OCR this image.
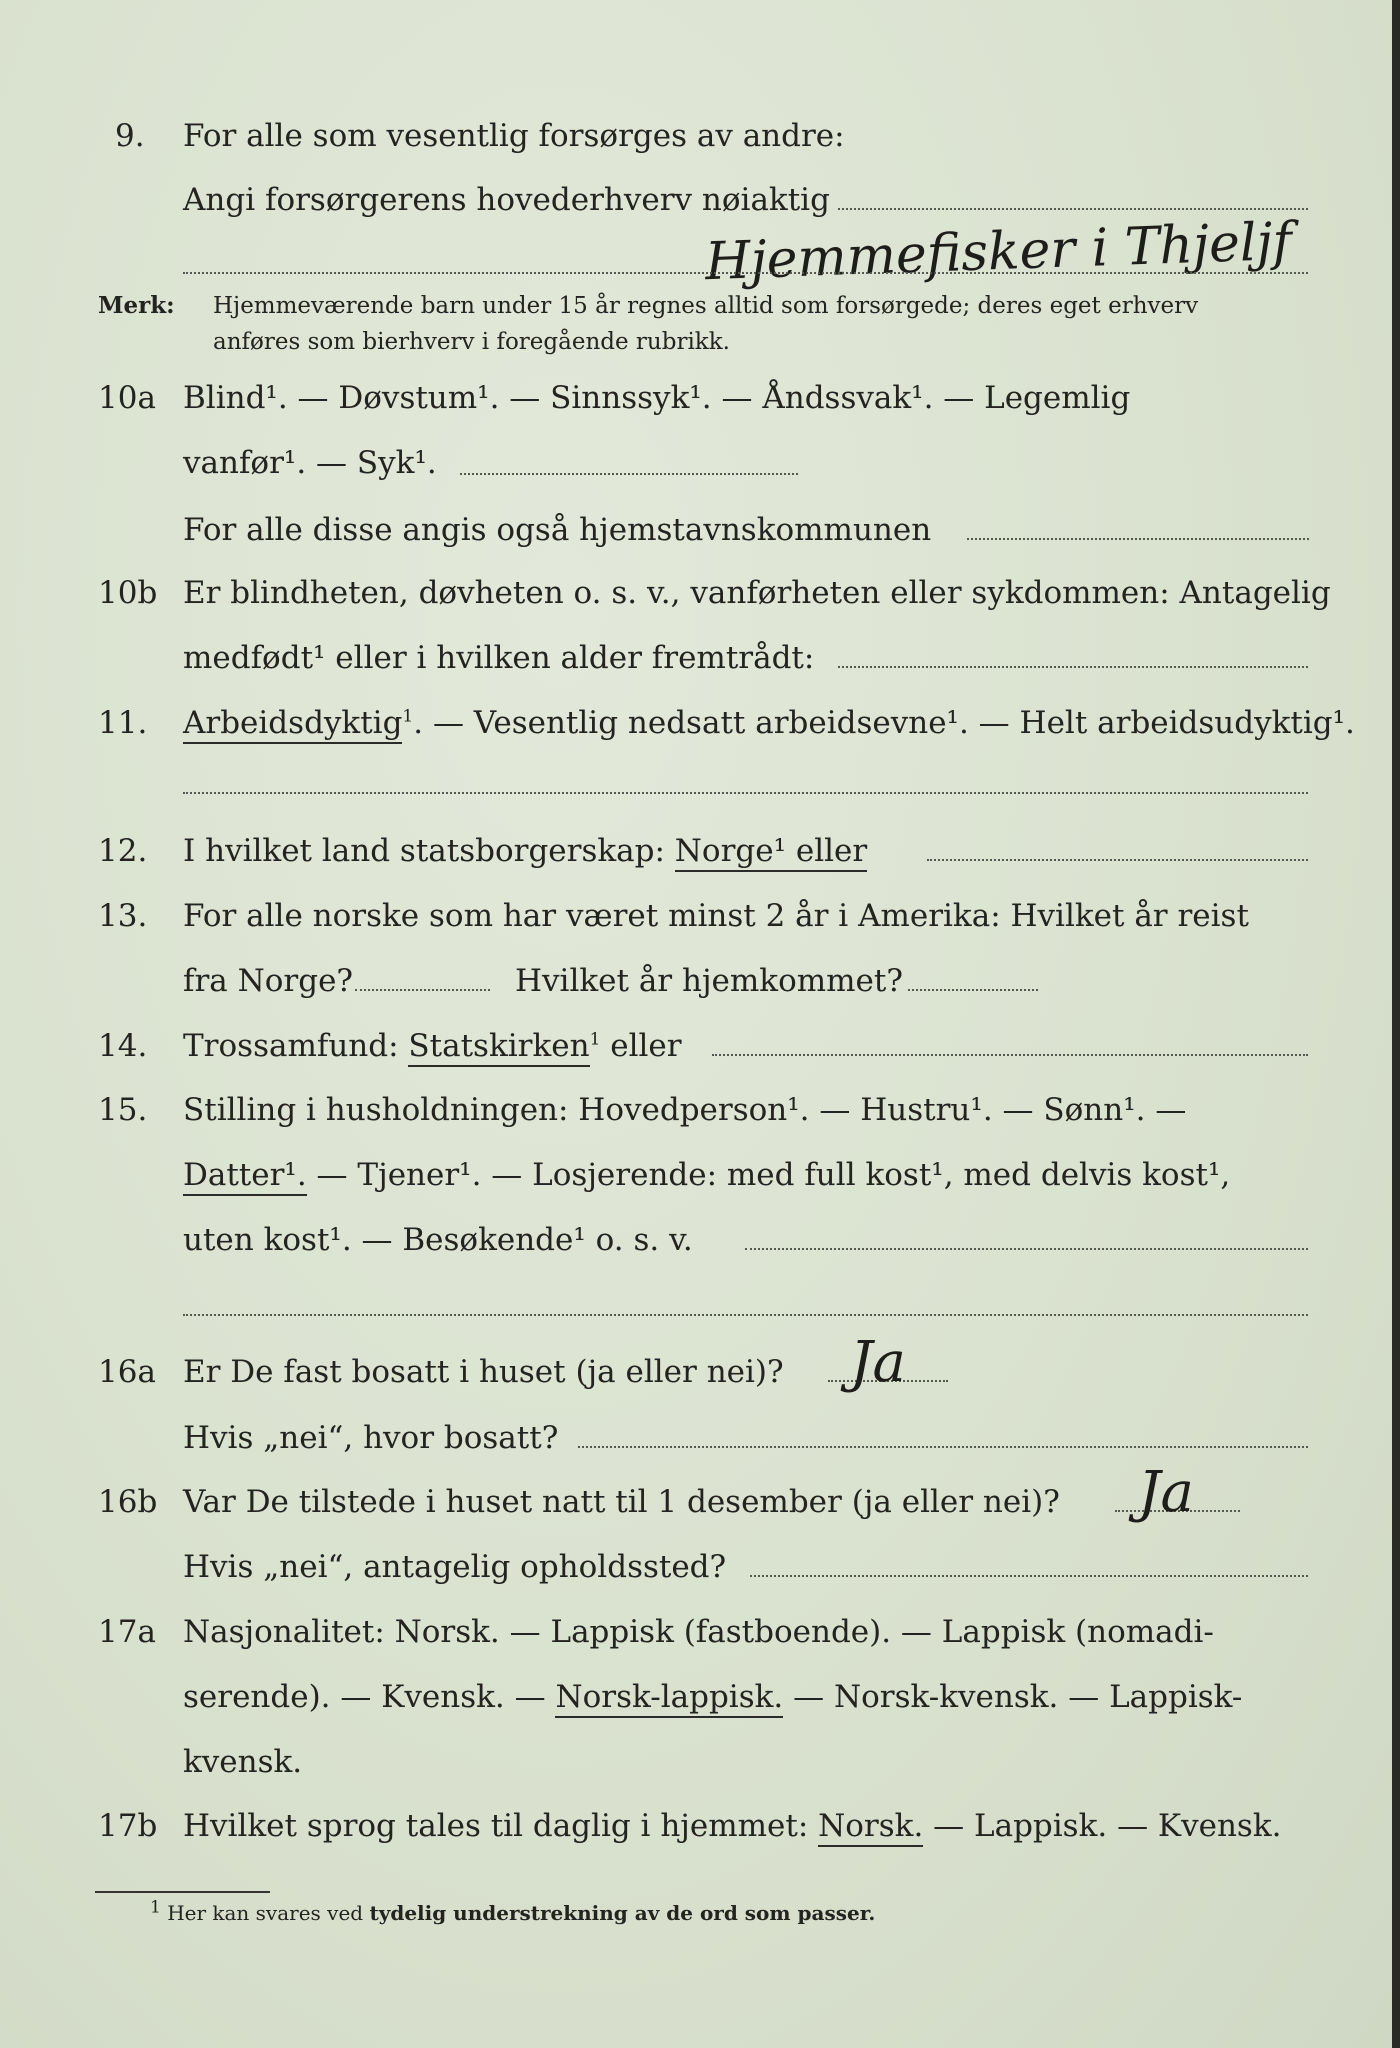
9. For alle som vesentlig forsørges av andre:
Angi forsørgerens hovederhverv nøiaktig
Hjemmefisker i Thjeljf
Merk: Hjemmeværende barn under 15 år regnes alltid som forsørgede; deres eget erhverv
anføres som bierhverv i foregående rubrikk.
10a Blind¹. — Døvstum¹. — Sinnssyk¹. — Åndssvak¹. — Legemlig
vanfør¹. — Syk¹.
For alle disse angis også hjemstavnskommunen
10b Er blindheten, døvheten o. s. v., vanførheten eller sykdommen: Antagelig
medfødt¹ eller i hvilken alder fremtrådt:
11. Arbeidsdyktig$^1$. — Vesentlig nedsatt arbeidsevne¹. — Helt arbeidsudyktig¹.
12. I hvilket land statsborgerskap: Norge¹ eller
13. For alle norske som har været minst 2 år i Amerika: Hvilket år reist
fra Norge?	Hvilket år hjemkommet?
14. Trossamfund: Statskirken$^1$ eller
15. Stilling i husholdningen: Hovedperson¹. — Hustru¹. — Sønn¹. —
Datter¹. — Tjener¹. — Losjerende: med full kost¹, med delvis kost¹,
uten kost¹. — Besøkende¹ o. s. v.
16a Er De fast bosatt i huset (ja eller nei)? Ja
Hvis „nei“, hvor bosatt?
16b Var De tilstede i huset natt til 1 desember (ja eller nei)? Ja
Hvis „nei“, antagelig opholdssted?
17a Nasjonalitet: Norsk. — Lappisk (fastboende). — Lappisk (nomadi-
serende). — Kvensk. — Norsk-lappisk. — Norsk-kvensk. — Lappisk-
kvensk.
17b Hvilket sprog tales til daglig i hjemmet: Norsk. — Lappisk. — Kvensk.
$^1$ Her kan svares ved tydelig understrekning av de ord som passer.
